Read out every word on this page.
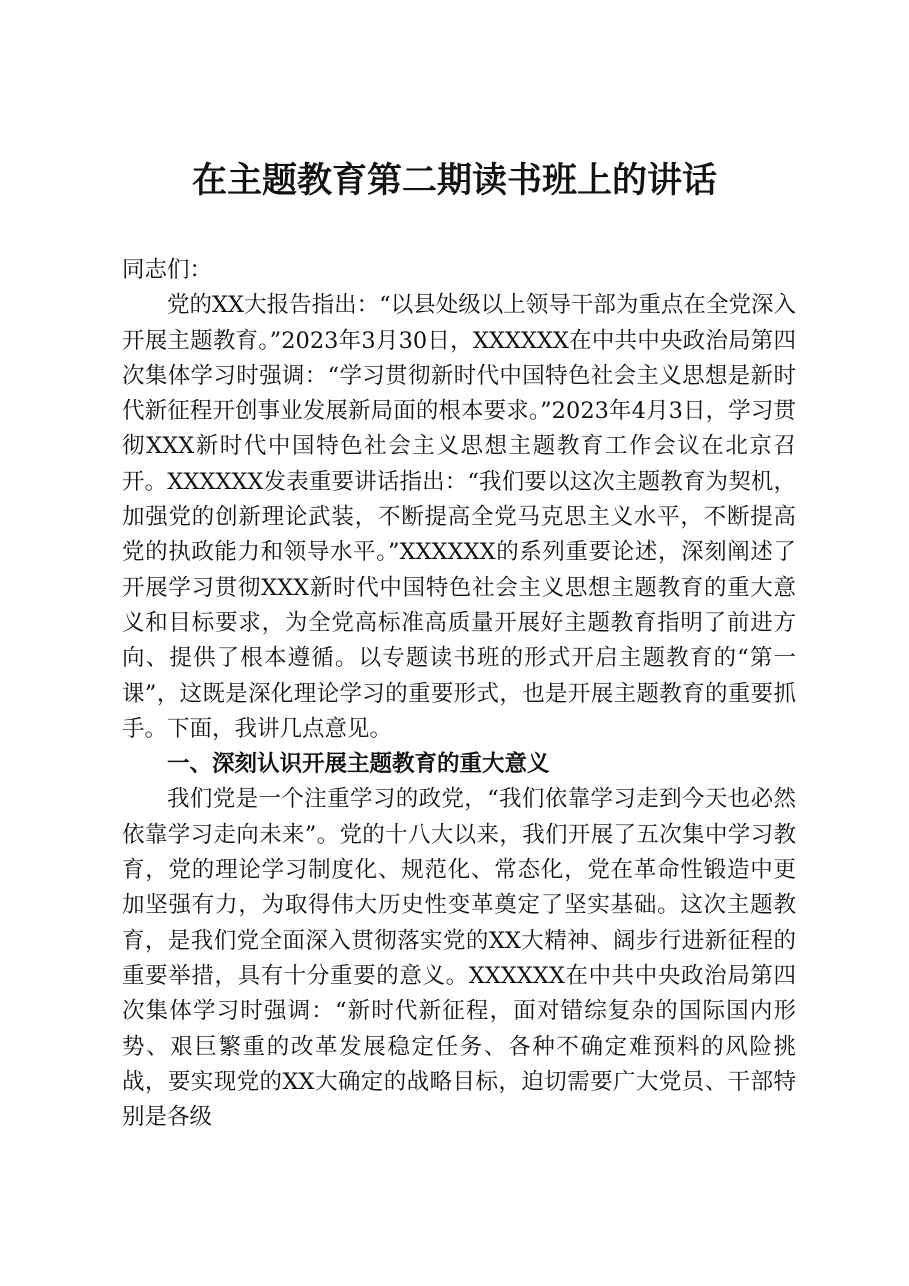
在主题教育第二期读书班上的讲话

同志们：

党的XX大报告指出：“以县处级以上领导干部为重点在全党深入开展主题教育。”2023年3月30日，XXXXXX在中共中央政治局第四次集体学习时强调：“学习贯彻新时代中国特色社会主义思想是新时代新征程开创事业发展新局面的根本要求。”2023年4月3日，学习贯彻XXX新时代中国特色社会主义思想主题教育工作会议在北京召开。XXXXXX发表重要讲话指出：“我们要以这次主题教育为契机，加强党的创新理论武装，不断提高全党马克思主义水平，不断提高党的执政能力和领导水平。”XXXXXX的系列重要论述，深刻阐述了开展学习贯彻XXX新时代中国特色社会主义思想主题教育的重大意义和目标要求，为全党高标准高质量开展好主题教育指明了前进方向、提供了根本遵循。以专题读书班的形式开启主题教育的“第一课”，这既是深化理论学习的重要形式，也是开展主题教育的重要抓手。下面，我讲几点意见。

一、深刻认识开展主题教育的重大意义

我们党是一个注重学习的政党，“我们依靠学习走到今天也必然依靠学习走向未来”。党的十八大以来，我们开展了五次集中学习教育，党的理论学习制度化、规范化、常态化，党在革命性锻造中更加坚强有力，为取得伟大历史性变革奠定了坚实基础。这次主题教育，是我们党全面深入贯彻落实党的XX大精神、阔步行进新征程的重要举措，具有十分重要的意义。XXXXXX在中共中央政治局第四次集体学习时强调：“新时代新征程，面对错综复杂的国际国内形势、艰巨繁重的改革发展稳定任务、各种不确定难预料的风险挑战，要实现党的XX大确定的战略目标，迫切需要广大党员、干部特别是各级
